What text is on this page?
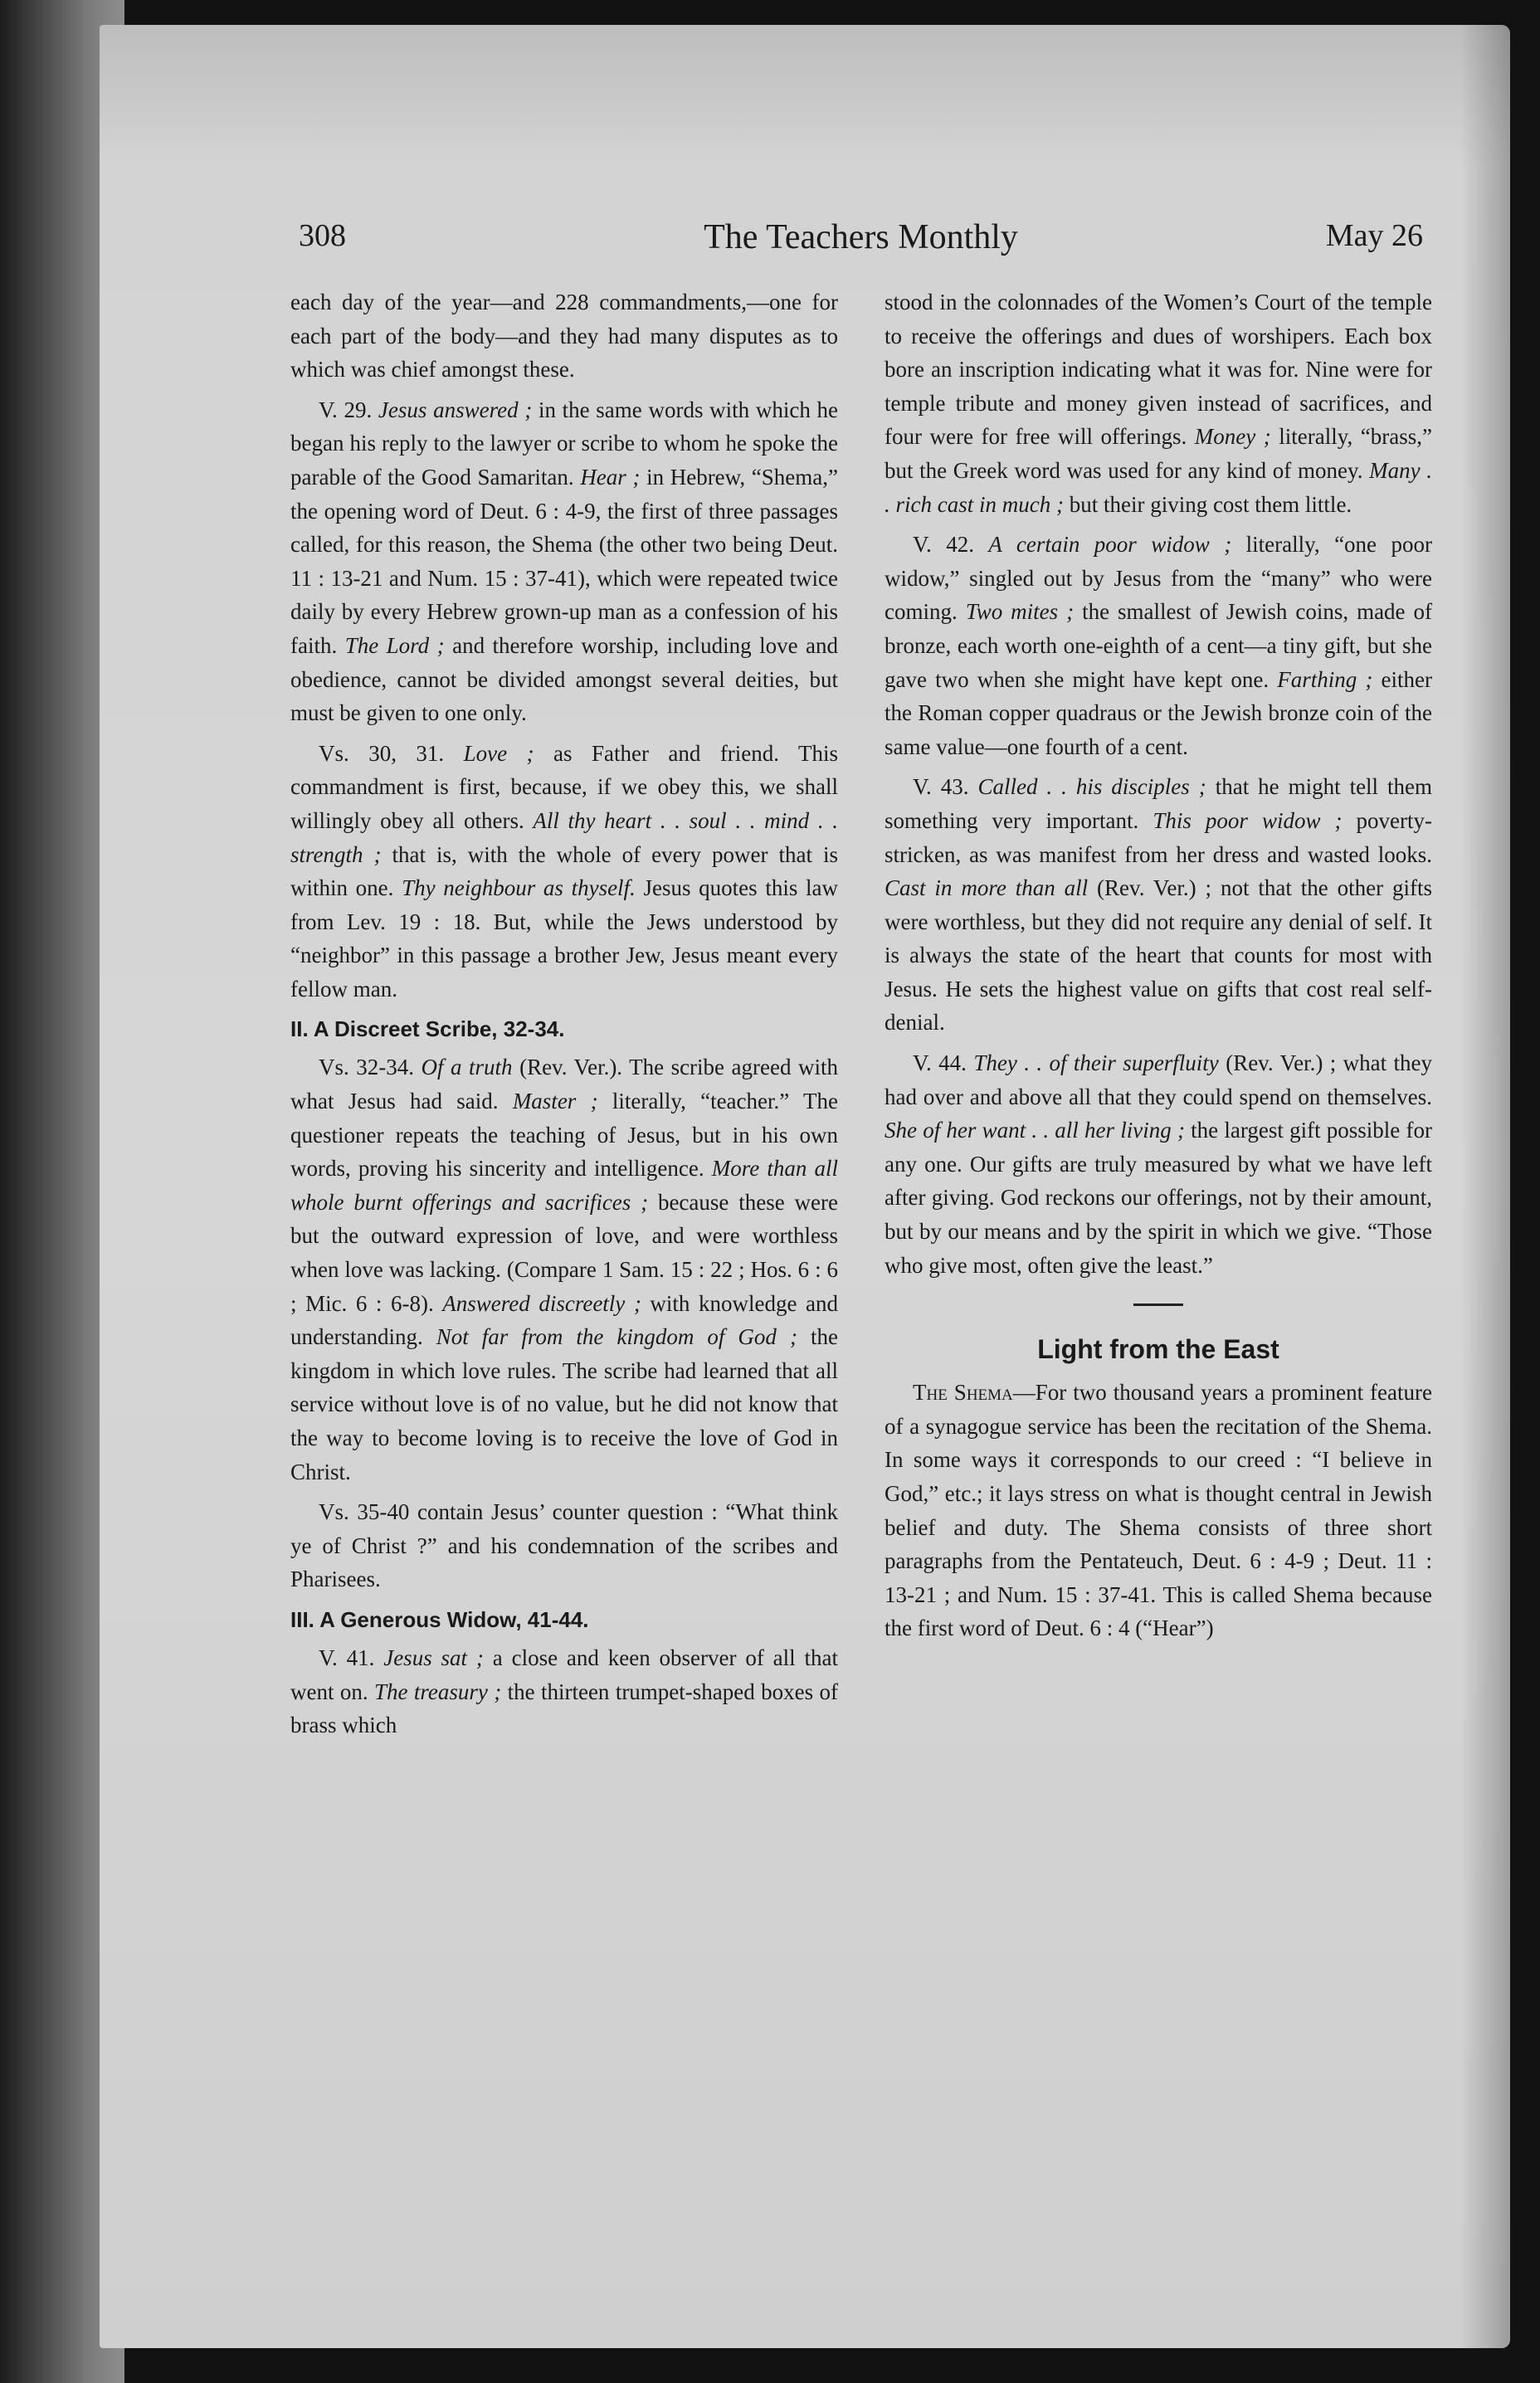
308	The Teachers Monthly	May 26

each day of the year—and 228 commandments,—one for each part of the body—and they had many disputes as to which was chief amongst these.

V. 29. Jesus answered ; in the same words with which he began his reply to the lawyer or scribe to whom he spoke the parable of the Good Samaritan. Hear ; in Hebrew, “Shema,” the opening word of Deut. 6 : 4-9, the first of three passages called, for this reason, the Shema (the other two being Deut. 11 : 13-21 and Num. 15 : 37-41), which were repeated twice daily by every Hebrew grown-up man as a confession of his faith. The Lord ; and therefore worship, including love and obedience, cannot be divided amongst several deities, but must be given to one only.

Vs. 30, 31. Love ; as Father and friend. This commandment is first, because, if we obey this, we shall willingly obey all others. All thy heart . . soul . . mind . . strength ; that is, with the whole of every power that is within one. Thy neighbour as thyself. Jesus quotes this law from Lev. 19 : 18. But, while the Jews understood by “neighbor” in this passage a brother Jew, Jesus meant every fellow man.

II. A Discreet Scribe, 32-34.

Vs. 32-34. Of a truth (Rev. Ver.). The scribe agreed with what Jesus had said. Master ; literally, “teacher.” The questioner repeats the teaching of Jesus, but in his own words, proving his sincerity and intelligence. More than all whole burnt offerings and sacrifices ; because these were but the outward expression of love, and were worthless when love was lacking. (Compare 1 Sam. 15 : 22 ; Hos. 6 : 6 ; Mic. 6 : 6-8). Answered discreetly ; with knowledge and understanding. Not far from the kingdom of God ; the kingdom in which love rules. The scribe had learned that all service without love is of no value, but he did not know that the way to become loving is to receive the love of God in Christ.

Vs. 35-40 contain Jesus’ counter question : “What think ye of Christ ?” and his condemnation of the scribes and Pharisees.

III. A Generous Widow, 41-44.

V. 41. Jesus sat ; a close and keen observer of all that went on. The treasury ; the thirteen trumpet-shaped boxes of brass which

stood in the colonnades of the Women’s Court of the temple to receive the offerings and dues of worshipers. Each box bore an inscription indicating what it was for. Nine were for temple tribute and money given instead of sacrifices, and four were for free will offerings. Money ; literally, “brass,” but the Greek word was used for any kind of money. Many . . rich cast in much ; but their giving cost them little.

V. 42. A certain poor widow ; literally, “one poor widow,” singled out by Jesus from the “many” who were coming. Two mites ; the smallest of Jewish coins, made of bronze, each worth one-eighth of a cent—a tiny gift, but she gave two when she might have kept one. Farthing ; either the Roman copper quadraus or the Jewish bronze coin of the same value—one fourth of a cent.

V. 43. Called . . his disciples ; that he might tell them something very important. This poor widow ; poverty-stricken, as was manifest from her dress and wasted looks. Cast in more than all (Rev. Ver.) ; not that the other gifts were worthless, but they did not require any denial of self. It is always the state of the heart that counts for most with Jesus. He sets the highest value on gifts that cost real self-denial.

V. 44. They . . of their superfluity (Rev. Ver.) ; what they had over and above all that they could spend on themselves. She of her want . . all her living ; the largest gift possible for any one. Our gifts are truly measured by what we have left after giving. God reckons our offerings, not by their amount, but by our means and by the spirit in which we give. “Those who give most, often give the least.”

Light from the East

The Shema—For two thousand years a prominent feature of a synagogue service has been the recitation of the Shema. In some ways it corresponds to our creed : “I believe in God,” etc.; it lays stress on what is thought central in Jewish belief and duty. The Shema consists of three short paragraphs from the Pentateuch, Deut. 6 : 4-9 ; Deut. 11 : 13-21 ; and Num. 15 : 37-41. This is called Shema because the first word of Deut. 6 : 4 (“Hear”)
